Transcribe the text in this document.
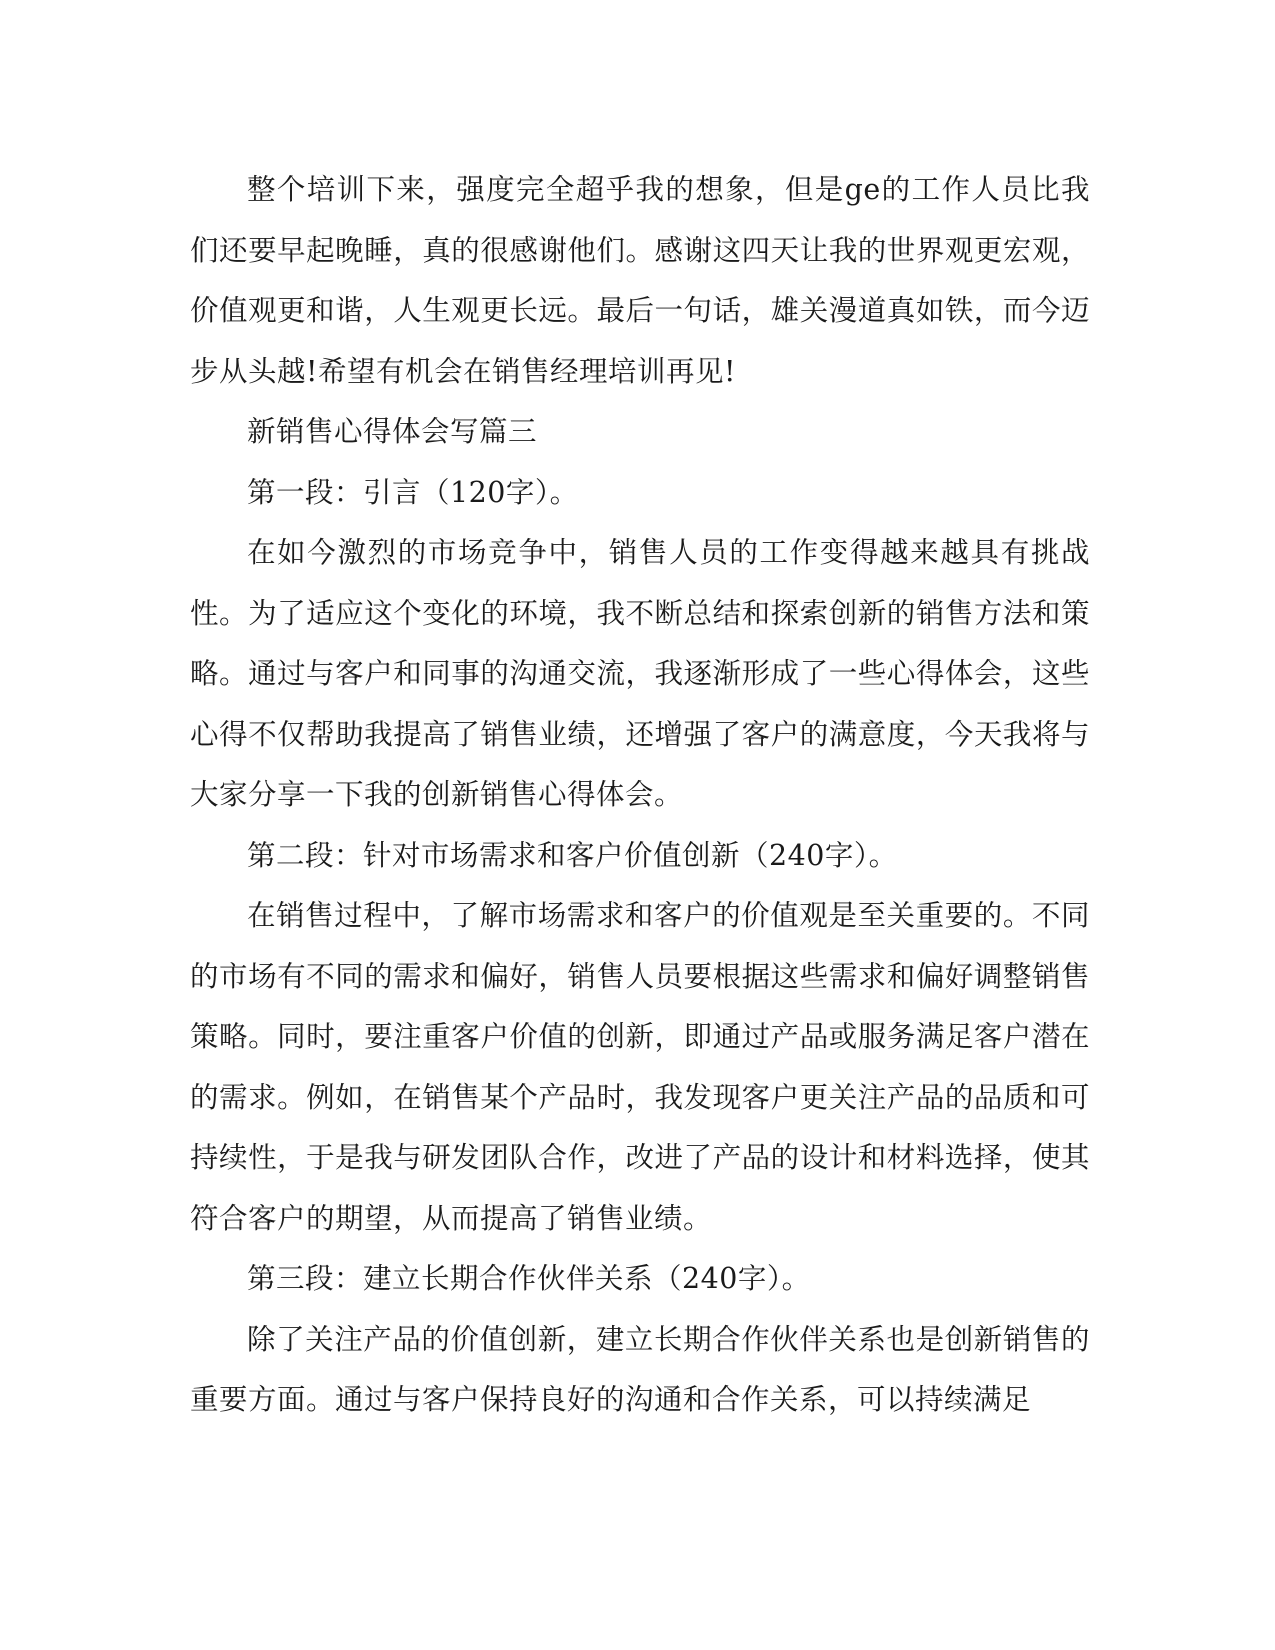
整个培训下来，强度完全超乎我的想象，但是ge的工作人员比我们还要早起晚睡，真的很感谢他们。感谢这四天让我的世界观更宏观，价值观更和谐，人生观更长远。最后一句话，雄关漫道真如铁，而今迈步从头越!希望有机会在销售经理培训再见!

新销售心得体会写篇三

第一段：引言（120字）。

在如今激烈的市场竞争中，销售人员的工作变得越来越具有挑战性。为了适应这个变化的环境，我不断总结和探索创新的销售方法和策略。通过与客户和同事的沟通交流，我逐渐形成了一些心得体会，这些心得不仅帮助我提高了销售业绩，还增强了客户的满意度，今天我将与大家分享一下我的创新销售心得体会。

第二段：针对市场需求和客户价值创新（240字）。

在销售过程中，了解市场需求和客户的价值观是至关重要的。不同的市场有不同的需求和偏好，销售人员要根据这些需求和偏好调整销售策略。同时，要注重客户价值的创新，即通过产品或服务满足客户潜在的需求。例如，在销售某个产品时，我发现客户更关注产品的品质和可持续性，于是我与研发团队合作，改进了产品的设计和材料选择，使其符合客户的期望，从而提高了销售业绩。

第三段：建立长期合作伙伴关系（240字）。

除了关注产品的价值创新，建立长期合作伙伴关系也是创新销售的重要方面。通过与客户保持良好的沟通和合作关系，可以持续满足
